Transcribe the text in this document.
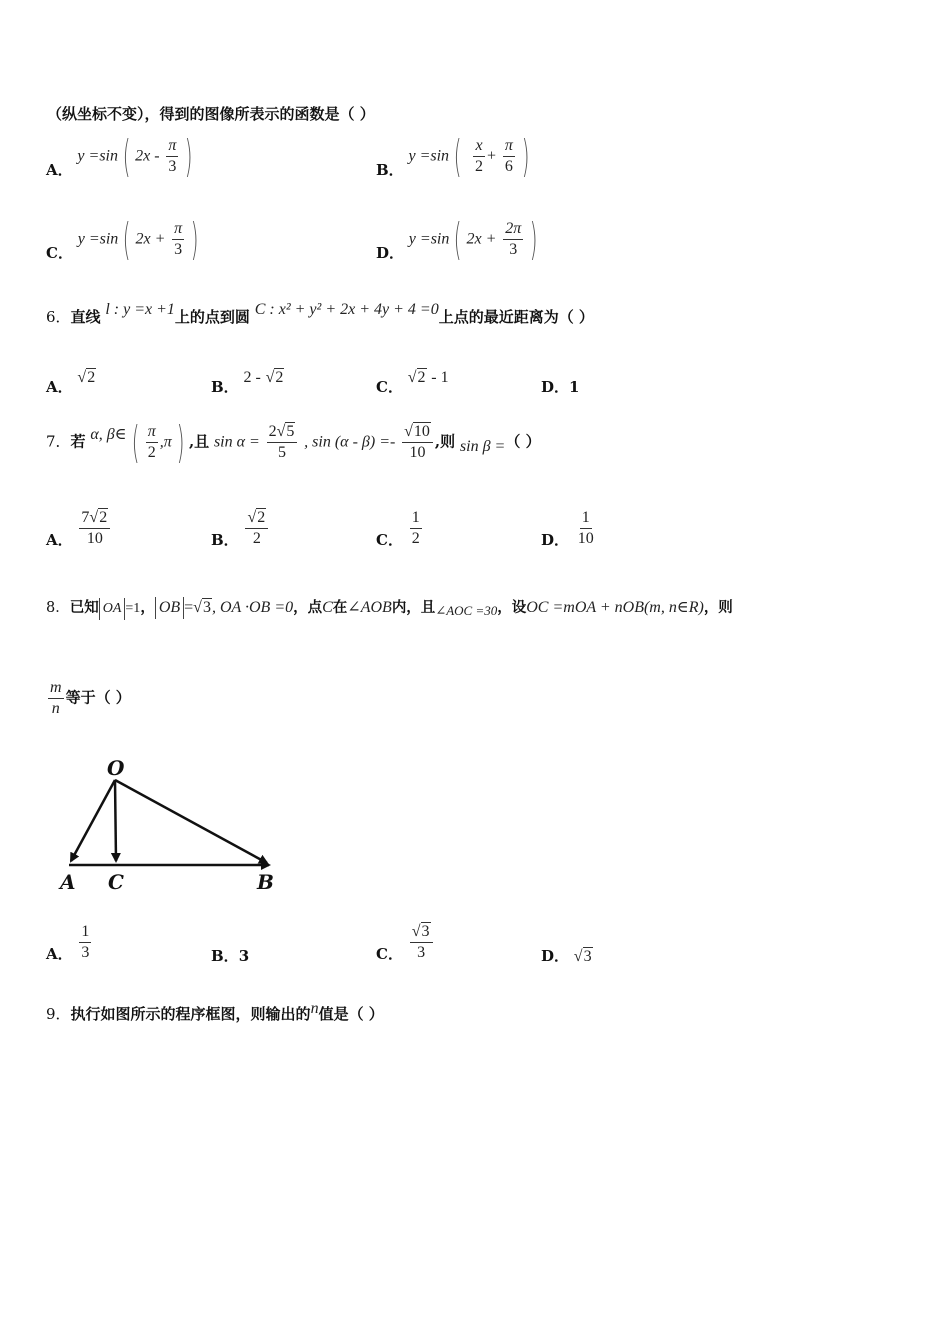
（纵坐标不变），得到的图像所表示的函数是（ ）
A． y =sin ( $2x - \frac{\pi}{3}$ )	B． y =sin ( $\frac{x}{2} + \frac{\pi}{6}$ )
C． y =sin ( $2x + \frac{\pi}{3}$ )	D． y =sin ( $2x + \frac{2\pi}{3}$ )
6．直线 l : y =x +1上的点到圆 C : x² + y² + 2x + 4y + 4 =0上点的最近距离为（ ）
A． √2
B． 2 - √2
C． √2 - 1
D．1
7．若 α, β∈ ( $\frac{\pi}{2} ,\pi$ ) ,且 $\sin \alpha = \frac{2√5}{5}$ , $\sin (\alpha - \beta) =- \frac{√10}{10}$ ,则 sin β =（ ）
A． $\frac{7√2}{10}$	B． $\frac{√2}{2}$	C． $\frac{1}{2}$	D． $\frac{1}{10}$
8．已知 OA =1， OB =√3, OA ·OB =0，点C在∠AOB内，且∠AOC =30，设OC =mOA + nOB(m, n∈R)，则
$\frac{m}{n}$ 等于（ ）
O
A C	B
A． $\frac{1}{3}$	B．3	C． $\frac{√3}{3}$	D． √3
9．执行如图所示的程序框图，则输出的n值是（ ）
